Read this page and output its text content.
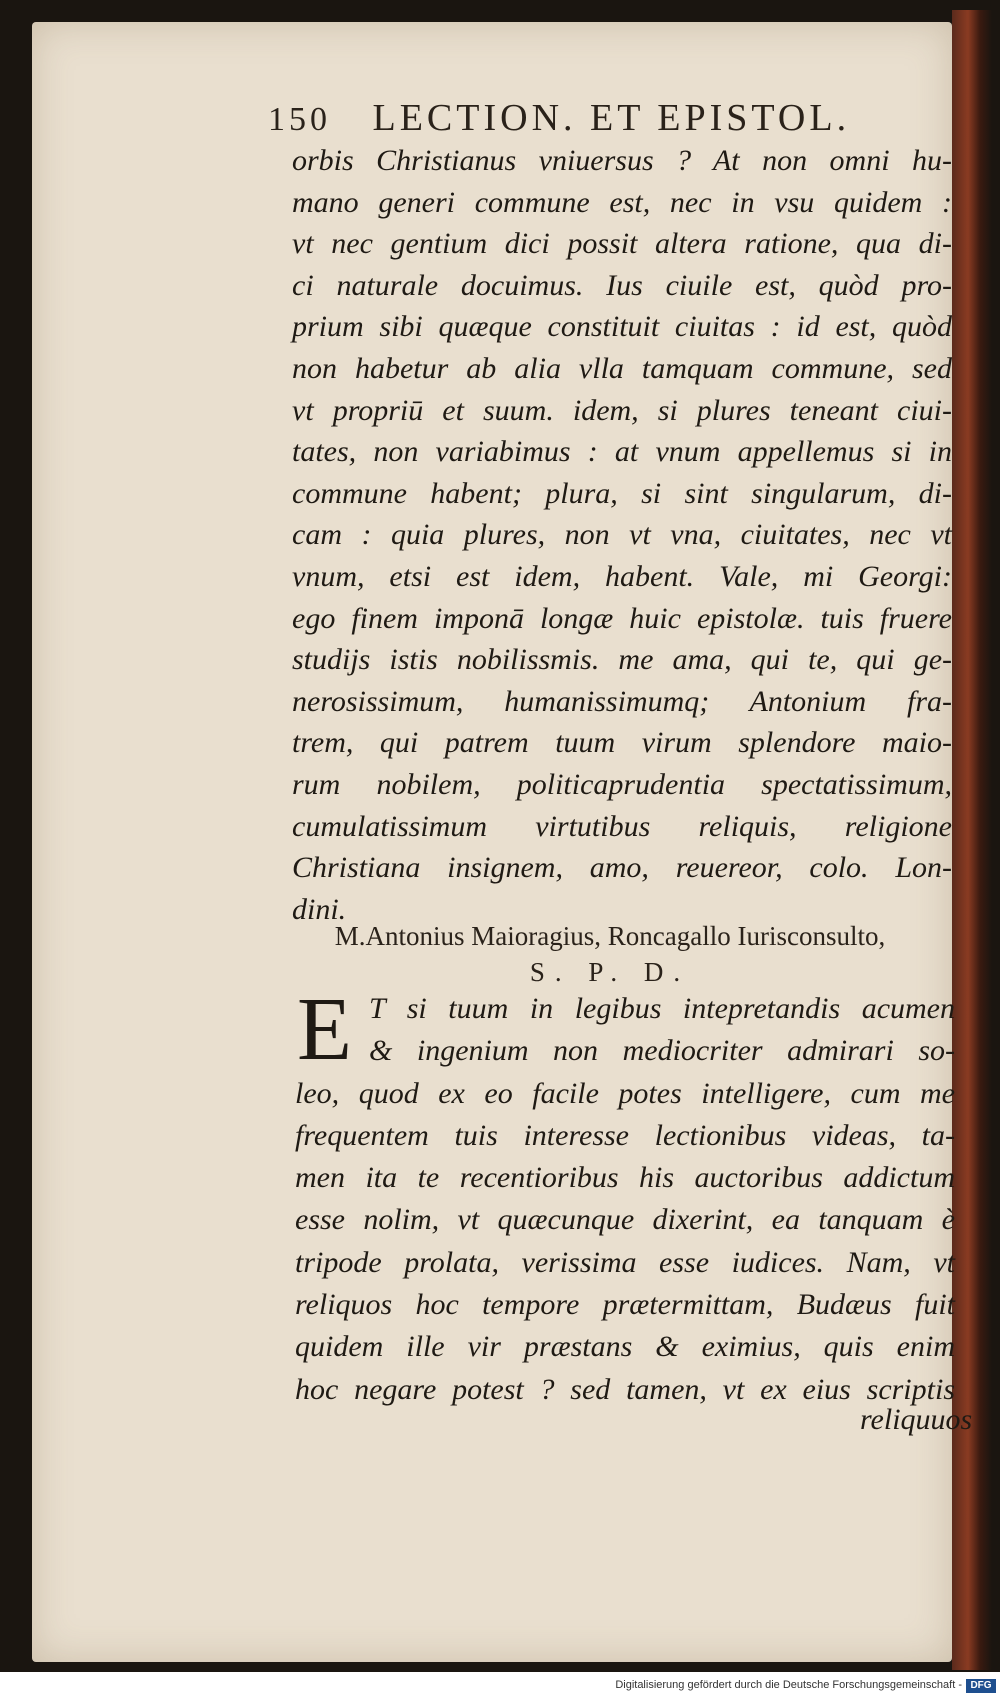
150 LECTION. ET EPISTOL.
orbis Christianus vniuersus ? At non omni hu-
mano generi commune est, nec in vsu quidem :
vt nec gentium dici possit altera ratione, qua di-
ci naturale docuimus. Ius ciuile est, quòd pro-
prium sibi quæque constituit ciuitas : id est, quòd
non habetur ab alia vlla tamquam commune, sed
vt propriū et suum. idem, si plures teneant ciui-
tates, non variabimus : at vnum appellemus si in
commune habent; plura, si sint singularum, di-
cam : quia plures, non vt vna, ciuitates, nec vt
vnum, etsi est idem, habent. Vale, mi Georgi:
ego finem imponā longæ huic epistolæ. tuis fruere
studijs istis nobilissmis. me ama, qui te, qui ge-
nerosissimum, humanissimumq; Antonium fra-
trem, qui patrem tuum virum splendore maio-
rum nobilem, politicaprudentia spectatissimum,
cumulatissimum virtutibus reliquis, religione
Christiana insignem, amo, reuereor, colo. Lon-
dini.
M.Antonius Maioragius, Roncagallo Iurisconsulto,
S. P. D.
E T si tuum in legibus intepretandis acumen
& ingenium non mediocriter admirari so-
leo, quod ex eo facile potes intelligere, cum me
frequentem tuis interesse lectionibus videas, ta-
men ita te recentioribus his auctoribus addictum
esse nolim, vt quæcunque dixerint, ea tanquam è
tripode prolata, verissima esse iudices. Nam, vt
reliquos hoc tempore prætermittam, Budæus fuit
quidem ille vir præstans & eximius, quis enim
hoc negare potest ? sed tamen, vt ex eius scriptis
reliquuos
Digitalisierung gefördert durch die Deutsche Forschungsgemeinschaft - DFG
